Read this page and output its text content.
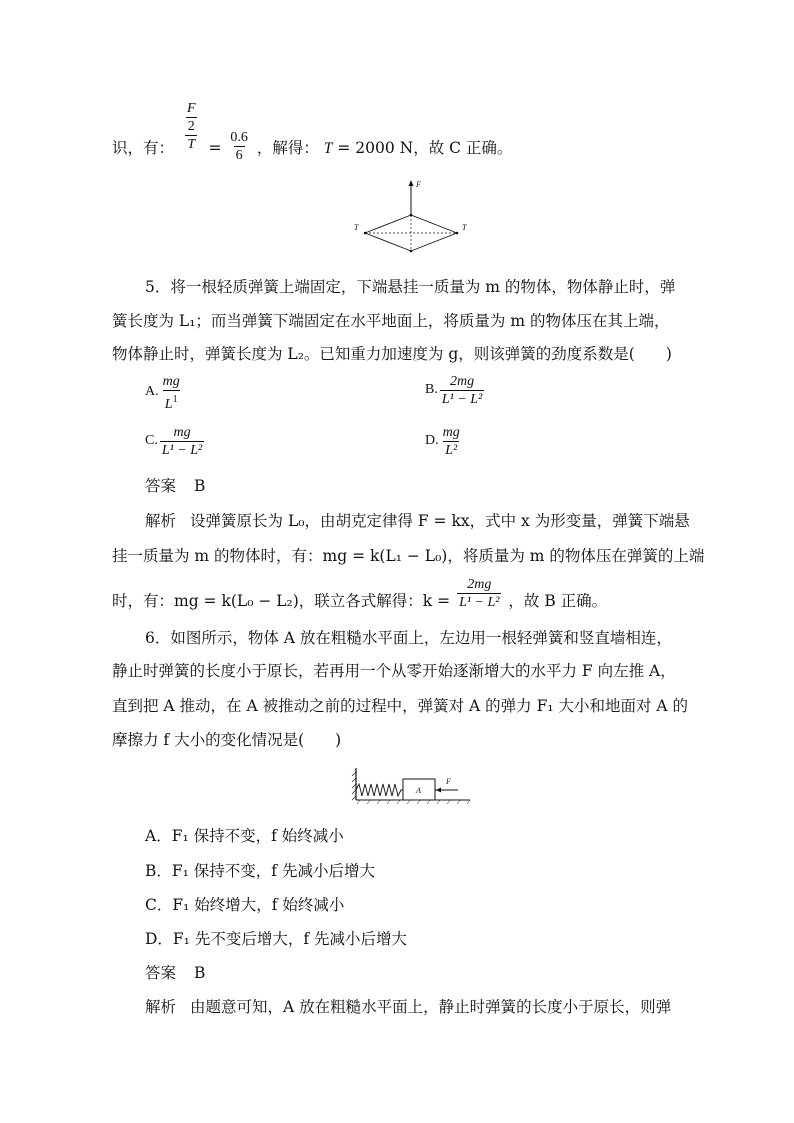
识，有： $\frac{\frac{F}{2}}{T} = \frac{0.6}{6}$ ，解得： T = 2000 N，故 C 正确。
F
T	T
5．将一根轻质弹簧上端固定，下端悬挂一质量为 m 的物体，物体静止时，弹
簧长度为 L₁；而当弹簧下端固定在水平地面上，将质量为 m 的物体压在其上端，
物体静止时，弹簧长度为 L₂。已知重力加速度为 g，则该弹簧的劲度系数是(　　)
A. $\frac{mg}{L^1}$	B. $\frac{2mg}{\text{L¹ − L²}}$
C. $\frac{mg}{\text{L¹ − L²}}$	D. $\frac{mg}{\text{L²}}$
答案 B
解析 设弹簧原长为 L₀，由胡克定律得 F = kx，式中 x 为形变量，弹簧下端悬
挂一质量为 m 的物体时，有：mg = k(L₁ − L₀)，将质量为 m 的物体压在弹簧的上端
时，有：mg = k(L₀ − L₂)，联立各式解得：$k = \frac{2mg}{\text{L¹ − L²}}$ ，故 B 正确。
6．如图所示，物体 A 放在粗糙水平面上，左边用一根轻弹簧和竖直墙相连，
静止时弹簧的长度小于原长，若再用一个从零开始逐渐增大的水平力 F 向左推 A，
直到把 A 推动，在 A 被推动之前的过程中，弹簧对 A 的弹力 F₁ 大小和地面对 A 的
摩擦力 f 大小的变化情况是(　　)
A
F
A．F₁ 保持不变，f 始终减小
B．F₁ 保持不变，f 先减小后增大
C．F₁ 始终增大，f 始终减小
D．F₁ 先不变后增大，f 先减小后增大
答案 B
解析 由题意可知，A 放在粗糙水平面上，静止时弹簧的长度小于原长，则弹
